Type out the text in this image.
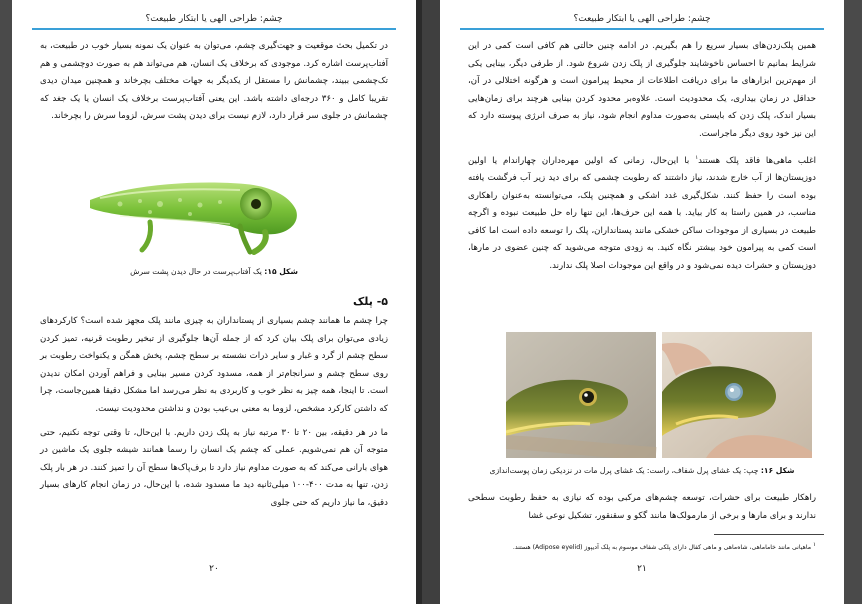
چشم: طراحی الهی یا ابتکار طبیعت؟

در تکمیل بحث موقعیت و جهت‌گیری چشم، می‌توان به عنوان یک نمونه بسیار خوب در طبیعت، به آفتاب‌پرست اشاره کرد. موجودی که برخلاف یک انسان، هم می‌تواند هم به صورت دوچشمی و هم تک‌چشمی ببیند، چشمانش را مستقل از یکدیگر به جهات مختلف بچرخاند و همچنین میدان دیدی تقریبا کامل و ۳۶۰ درجه‌ای داشته باشد. این یعنی آفتاب‌پرست برخلاف یک انسان یا یک جغد که چشمانش در جلوی سر قرار دارد، لازم نیست برای دیدن پشت سرش، لزوما سرش را بچرخاند.

شکل ۱۵: یک آفتاب‌پرست در حال دیدن پشت سرش
۵- پلک

چرا چشم ما همانند چشم بسیاری از پستانداران به چیزی مانند پلک مجهز شده است؟ کارکردهای زیادی می‌توان برای پلک بیان کرد که از جمله آن‌ها جلوگیری از تبخیر رطوبت قرنیه، تمیز کردن سطح چشم از گرد و غبار و سایر ذرات نشسته بر سطح چشم، پخش همگن و یکنواخت رطوبت بر روی سطح چشم و سرانجام‌تر از همه، مسدود کردن مسیر بینایی و فراهم آوردن امکان ندیدن است. تا اینجا، همه چیز به نظر خوب و کاربردی به نظر می‌رسد اما مشکل دقیقا همین‌جاست، چرا که داشتن کارکرد مشخص، لزوما به معنی بی‌عیب بودن و نداشتن محدودیت نیست.

ما در هر دقیقه، بین ۲۰ تا ۳۰ مرتبه نیاز به پلک زدن داریم. با این‌حال، تا وقتی توجه نکنیم، حتی متوجه آن هم نمی‌شویم. عملی که چشم یک انسان را رسما همانند شیشه جلوی یک ماشین در هوای بارانی می‌کند که به صورت مداوم نیاز دارد تا برف‌پاک‌ها سطح آن را تمیز کنند. در هر بار پلک زدن، تنها به مدت ۴۰۰-۱۰۰ میلی‌ثانیه دید ما مسدود شده، با این‌حال، در زمان انجام کارهای بسیار دقیق، ما نیاز داریم که حتی جلوی

۲۰
چشم: طراحی الهی یا ابتکار طبیعت؟

همین پلک‌زدن‌های بسیار سریع را هم بگیریم. در ادامه چنین حالتی هم کافی است کمی در این شرایط بمانیم تا احساس ناخوشایند جلوگیری از پلک زدن شروع شود. از طرفی دیگر، بینایی یکی از مهم‌ترین ابزارهای ما برای دریافت اطلاعات از محیط پیرامون است و هرگونه اختلالی در آن، حداقل در زمان بیداری، یک محدودیت است. علاوه‌بر محدود کردن بینایی هرچند برای زمان‌هایی بسیار اندک، پلک زدن که بایستی به‌صورت مداوم انجام شود، نیاز به صرف انرژی پیوسته دارد که این نیز خود روی دیگر ماجراست.

اغلب ماهی‌ها فاقد پلک هستند$^۱$ با این‌حال، زمانی که اولین مهره‌داران چهاراندام یا اولین دوزیستان‌ها از آب خارج شدند، نیاز داشتند که رطوبت چشمی که برای دید زیر آب فرگشت یافته بوده است را حفظ کنند. شکل‌گیری غدد اشکی و همچنین پلک، می‌توانسته به‌عنوان راهکاری مناسب، در همین راستا به کار بیاید. با همه این حرف‌ها، این تنها راه حل طبیعت نبوده و اگرچه طبیعت در بسیاری از موجودات ساکن خشکی مانند پستانداران، پلک را توسعه داده است اما کافی است کمی به پیرامون خود بیشتر نگاه کنید. به زودی متوجه می‌شوید که چنین عضوی در مارها، دوزیستان و حشرات دیده نمی‌شود و در واقع این موجودات اصلا پلک ندارند.

شکل ۱۶: چپ: یک غشای پرل شفاف، راست: یک غشای پرل مات در نزدیکی زمان پوست‌اندازی

راهکار طبیعت برای حشرات، توسعه چشم‌های مرکبی بوده که نیازی به حفظ رطوبت سطحی ندارند و برای مارها و برخی از مارمولک‌ها مانند گکو و سقنقور، تشکیل نوعی غشا

$^۱$ ماهیانی مانند خاماماهی، شاه‌ماهی و ماهی کفال دارای پلکی شفاف موسوم به پلک آدیپوز (Adipose eyelid) هستند.
۲۱
